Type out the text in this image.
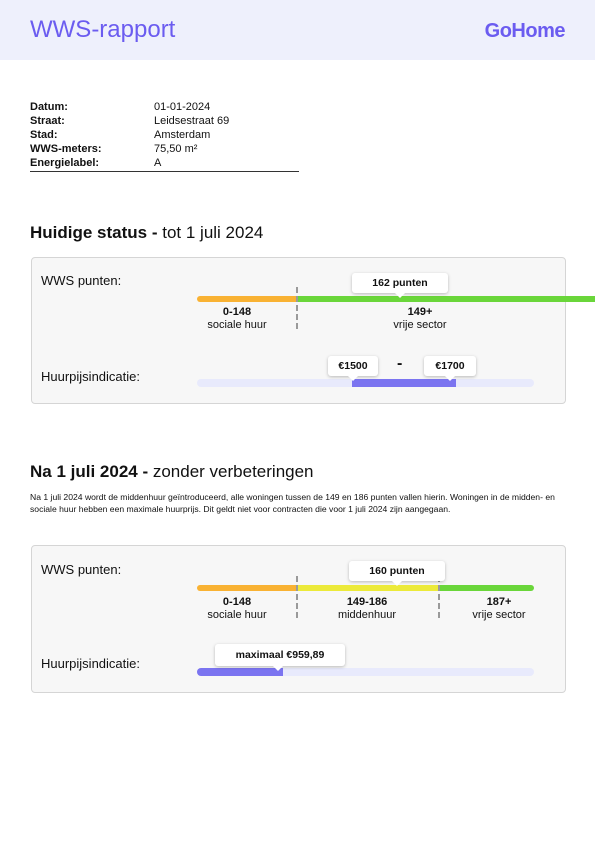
WWS-rapport	GoHome
Datum:	01-01-2024
Straat:	Leidsestraat 69
Stad:	Amsterdam
WWS-meters:	75,50 m²
Energielabel:	A
Huidige status - tot 1 juli 2024
WWS punten:	162 punten
0-148
sociale huur
149+
vrije sector
Huurpijsindicatie:
€1500	-	€1700
Na 1 juli 2024 - zonder verbeteringen
Na 1 juli 2024 wordt de middenhuur geïntroduceerd, alle woningen tussen de 149 en 186 punten vallen hierin. Woningen in de midden- en sociale huur hebben een maximale huurprijs. Dit geldt niet voor contracten die voor 1 juli 2024 zijn aangegaan.
WWS punten:	160 punten
0-148
sociale huur
149-186
middenhuur
187+
vrije sector
Huurpijsindicatie:
maximaal €959,89
